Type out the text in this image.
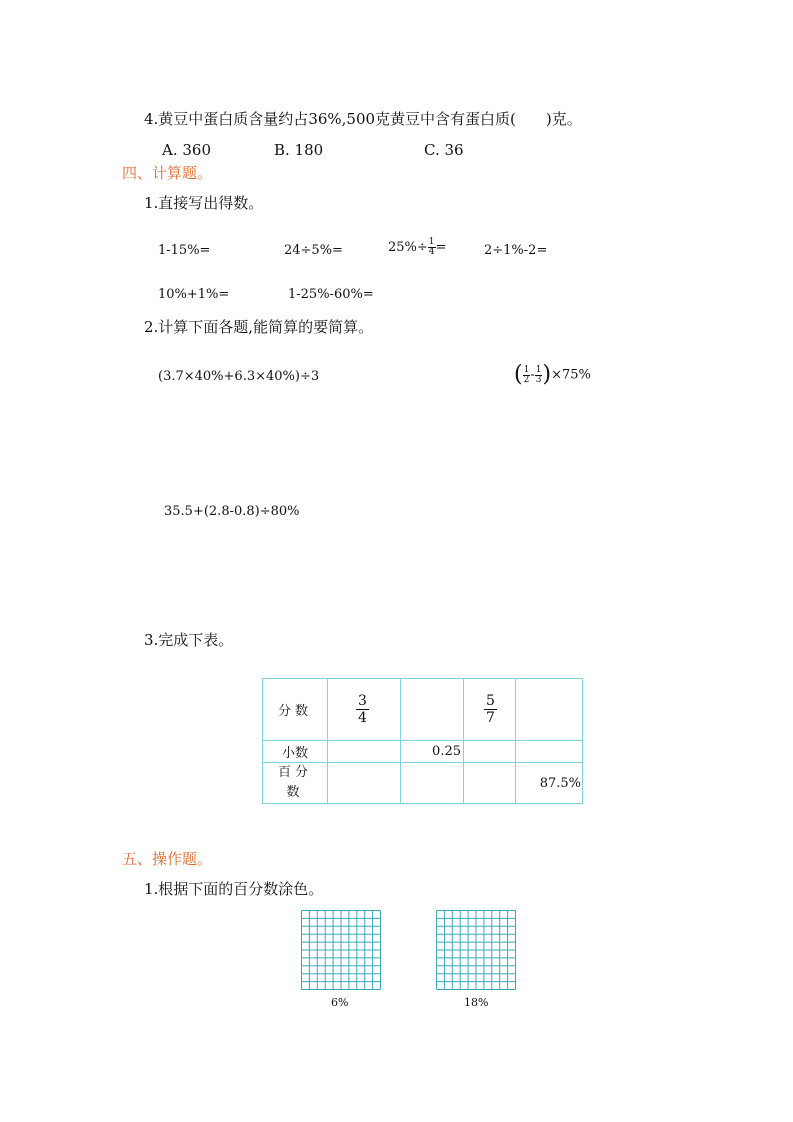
4.黄豆中蛋白质含量约占36%,500克黄豆中含有蛋白质(　　)克。
A. 360	B. 180	C. 36
四、计算题。
1.直接写出得数。
1-15%=	24÷5%=	$25\%\div \frac{1}{4}$ =	2÷1%-2=
10%+1%=	1-25%-60%=
2.计算下面各题,能简算的要简算。
(3.7×40%+6.3×40%)÷3	( $\frac{1}{2} - \frac{1}{3} )\times 75\%$
35.5+(2.8-0.8)÷80%
3.完成下表。
分数	$\frac{3}{4}$		$\frac{5}{7}$

小数		0.25		

百分数				87.5%
五、操作题。
1.根据下面的百分数涂色。
6%	18%
